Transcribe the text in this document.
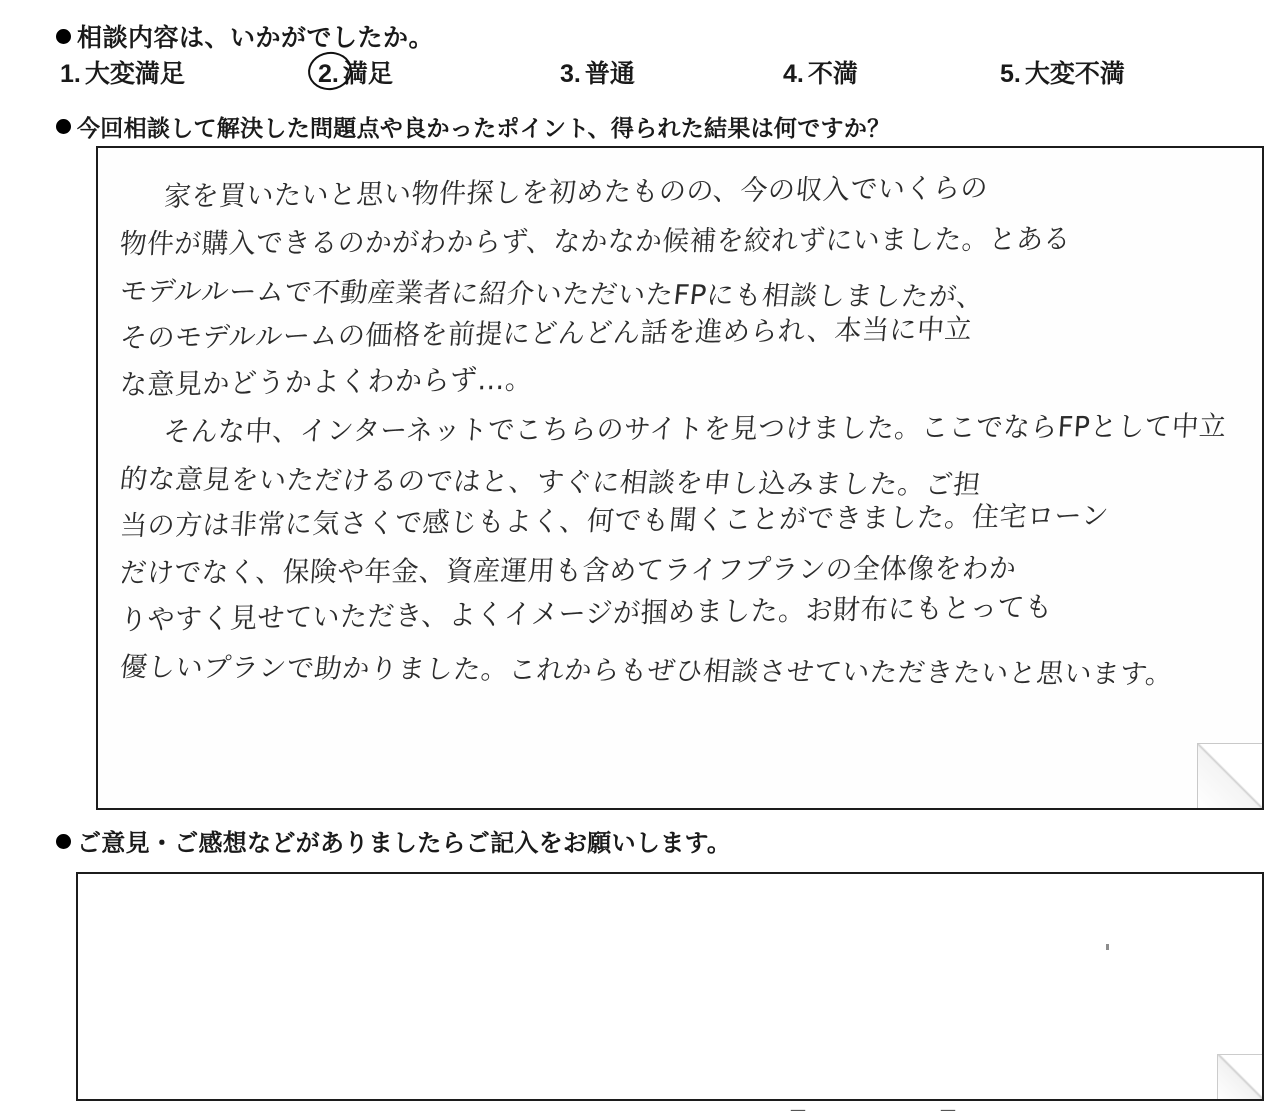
相談内容は、いかがでしたか。
1. 大変満足	2. 満足	3. 普通	4. 不満	5. 大変不満
今回相談して解決した問題点や良かったポイント、得られた結果は何ですか？
家を買いたいと思い物件探しを初めたものの、今の収入でいくらの
物件が購入できるのかがわからず、なかなか候補を絞れずにいました。とある
モデルルームで不動産業者に紹介いただいたFPにも相談しましたが、
そのモデルルームの価格を前提にどんどん話を進められ、本当に中立
な意見かどうかよくわからず…。
そんな中、インターネットでこちらのサイトを見つけました。ここでならFPとして中立
的な意見をいただけるのではと、すぐに相談を申し込みました。ご担
当の方は非常に気さくで感じもよく、何でも聞くことができました。住宅ローン
だけでなく、保険や年金、資産運用も含めてライフプランの全体像をわか
りやすく見せていただき、よくイメージが掴めました。お財布にもとっても
優しいプランで助かりました。これからもぜひ相談させていただきたいと思います。
ご意見・ご感想などがありましたらご記入をお願いします。
—	—
